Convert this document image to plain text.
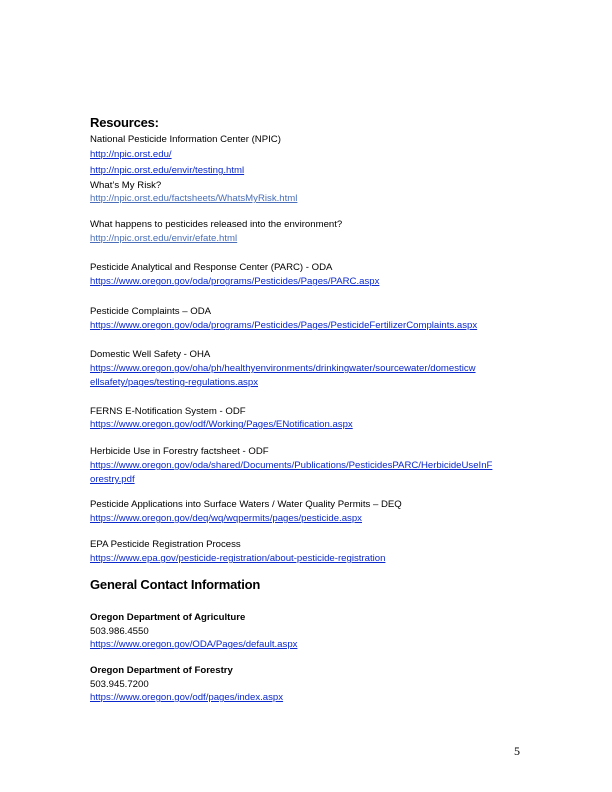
Resources:
National Pesticide Information Center (NPIC)
http://npic.orst.edu/
http://npic.orst.edu/envir/testing.html
What’s My Risk?
http://npic.orst.edu/factsheets/WhatsMyRisk.html
What happens to pesticides released into the environment?
http://npic.orst.edu/envir/efate.html
Pesticide Analytical and Response Center (PARC) - ODA
https://www.oregon.gov/oda/programs/Pesticides/Pages/PARC.aspx
Pesticide Complaints – ODA
https://www.oregon.gov/oda/programs/Pesticides/Pages/PesticideFertilizerComplaints.aspx
Domestic Well Safety - OHA
https://www.oregon.gov/oha/ph/healthyenvironments/drinkingwater/sourcewater/domesticw
ellsafety/pages/testing-regulations.aspx
FERNS E-Notification System - ODF
https://www.oregon.gov/odf/Working/Pages/ENotification.aspx
Herbicide Use in Forestry factsheet - ODF
https://www.oregon.gov/oda/shared/Documents/Publications/PesticidesPARC/HerbicideUseInF
orestry.pdf
Pesticide Applications into Surface Waters / Water Quality Permits – DEQ
https://www.oregon.gov/deq/wq/wqpermits/pages/pesticide.aspx
EPA Pesticide Registration Process
https://www.epa.gov/pesticide-registration/about-pesticide-registration
General Contact Information
Oregon Department of Agriculture
503.986.4550
https://www.oregon.gov/ODA/Pages/default.aspx
Oregon Department of Forestry
503.945.7200
https://www.oregon.gov/odf/pages/index.aspx
5
